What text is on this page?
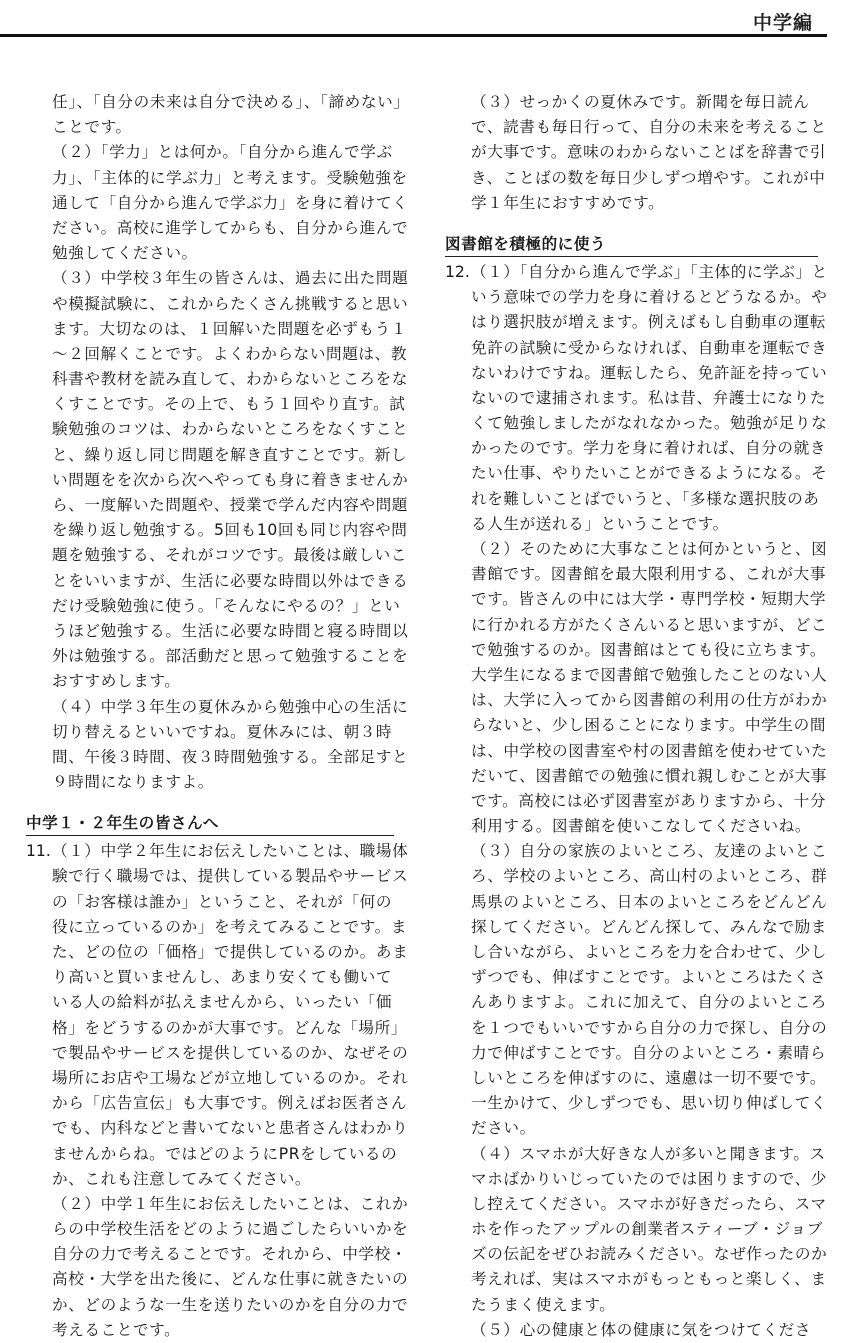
中学編
任」、「自分の未来は自分で決める」、「諦めない」
ことです。
（２）「学力」とは何か。「自分から進んで学ぶ
力」、「主体的に学ぶ力」と考えます。受験勉強を
通して「自分から進んで学ぶ力」を身に着けてく
ださい。高校に進学してからも、自分から進んで
勉強してください。
（３）中学校３年生の皆さんは、過去に出た問題
や模擬試験に、これからたくさん挑戦すると思い
ます。大切なのは、１回解いた問題を必ずもう１
～２回解くことです。よくわからない問題は、教
科書や教材を読み直して、わからないところをな
くすことです。その上で、もう１回やり直す。試
験勉強のコツは、わからないところをなくすこと
と、繰り返し同じ問題を解き直すことです。新し
い問題をを次から次へやっても身に着きませんか
ら、一度解いた問題や、授業で学んだ内容や問題
を繰り返し勉強する。5回も10回も同じ内容や問
題を勉強する、それがコツです。最後は厳しいこ
とをいいますが、生活に必要な時間以外はできる
だけ受験勉強に使う。「そんなにやるの？」とい
うほど勉強する。生活に必要な時間と寝る時間以
外は勉強する。部活動だと思って勉強することを
おすすめします。
（４）中学３年生の夏休みから勉強中心の生活に
切り替えるといいですね。夏休みには、朝３時
間、午後３時間、夜３時間勉強する。全部足すと
９時間になりますよ。
中学１・２年生の皆さんへ
11.（１）中学２年生にお伝えしたいことは、職場体
験で行く職場では、提供している製品やサービス
の「お客様は誰か」ということ、それが「何の
役に立っているのか」を考えてみることです。ま
た、どの位の「価格」で提供しているのか。あま
り高いと買いませんし、あまり安くても働いて
いる人の給料が払えませんから、いったい「価
格」をどうするのかが大事です。どんな「場所」
で製品やサービスを提供しているのか、なぜその
場所にお店や工場などが立地しているのか。それ
から「広告宣伝」も大事です。例えばお医者さん
でも、内科などと書いてないと患者さんはわかり
ませんからね。ではどのようにPRをしているの
か、これも注意してみてください。
（２）中学１年生にお伝えしたいことは、これか
らの中学校生活をどのように過ごしたらいいかを
自分の力で考えることです。それから、中学校・
高校・大学を出た後に、どんな仕事に就きたいの
か、どのような一生を送りたいのかを自分の力で
考えることです。
（３）せっかくの夏休みです。新聞を毎日読ん
で、読書も毎日行って、自分の未来を考えること
が大事です。意味のわからないことばを辞書で引
き、ことばの数を毎日少しずつ増やす。これが中
学１年生におすすめです。
図書館を積極的に使う
12.（１）「自分から進んで学ぶ」「主体的に学ぶ」と
いう意味での学力を身に着けるとどうなるか。や
はり選択肢が増えます。例えばもし自動車の運転
免許の試験に受からなければ、自動車を運転でき
ないわけですね。運転したら、免許証を持ってい
ないので逮捕されます。私は昔、弁護士になりた
くて勉強しましたがなれなかった。勉強が足りな
かったのです。学力を身に着ければ、自分の就き
たい仕事、やりたいことができるようになる。そ
れを難しいことばでいうと、「多様な選択肢のあ
る人生が送れる」ということです。
（２）そのために大事なことは何かというと、図
書館です。図書館を最大限利用する、これが大事
です。皆さんの中には大学・専門学校・短期大学
に行かれる方がたくさんいると思いますが、どこ
で勉強するのか。図書館はとても役に立ちます。
大学生になるまで図書館で勉強したことのない人
は、大学に入ってから図書館の利用の仕方がわか
らないと、少し困ることになります。中学生の間
は、中学校の図書室や村の図書館を使わせていた
だいて、図書館での勉強に慣れ親しむことが大事
です。高校には必ず図書室がありますから、十分
利用する。図書館を使いこなしてくださいね。
（３）自分の家族のよいところ、友達のよいとこ
ろ、学校のよいところ、高山村のよいところ、群
馬県のよいところ、日本のよいところをどんどん
探してください。どんどん探して、みんなで励ま
し合いながら、よいところを力を合わせて、少し
ずつでも、伸ばすことです。よいところはたくさ
んありますよ。これに加えて、自分のよいところ
を１つでもいいですから自分の力で探し、自分の
力で伸ばすことです。自分のよいところ・素晴ら
しいところを伸ばすのに、遠慮は一切不要です。
一生かけて、少しずつでも、思い切り伸ばしてく
ださい。
（４）スマホが大好きな人が多いと聞きます。ス
マホばかりいじっていたのでは困りますので、少
し控えてください。スマホが好きだったら、スマ
ホを作ったアップルの創業者スティーブ・ジョブ
ズの伝記をぜひお読みください。なぜ作ったのか
考えれば、実はスマホがもっともっと楽しく、ま
たうまく使えます。
（５）心の健康と体の健康に気をつけてくださ
